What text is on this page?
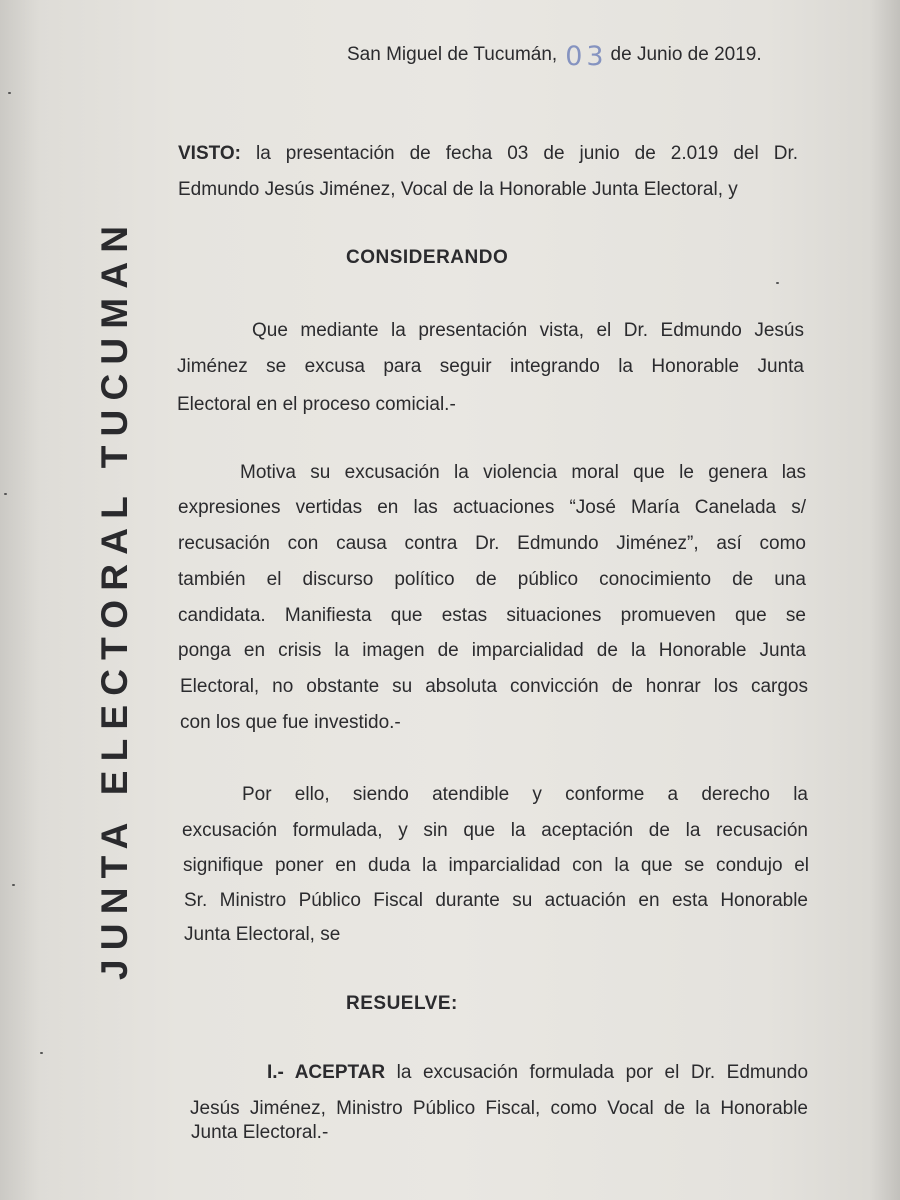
JUNTA ELECTORAL TUCUMAN
San Miguel de Tucumán, 03 de Junio de 2019.
VISTO: la presentación de fecha 03 de junio de 2.019 del Dr.
Edmundo Jesús Jiménez, Vocal de la Honorable Junta Electoral, y
CONSIDERANDO
Que mediante la presentación vista, el Dr. Edmundo Jesús
Jiménez se excusa para seguir integrando la Honorable Junta
Electoral en el proceso comicial.-
Motiva su excusación la violencia moral que le genera las
expresiones vertidas en las actuaciones “José María Canelada s/
recusación con causa contra Dr. Edmundo Jiménez”, así como
también el discurso político de público conocimiento de una
candidata. Manifiesta que estas situaciones promueven que se
ponga en crisis la imagen de imparcialidad de la Honorable Junta
Electoral, no obstante su absoluta convicción de honrar los cargos
con los que fue investido.-
Por ello, siendo atendible y conforme a derecho la
excusación formulada, y sin que la aceptación de la recusación
signifique poner en duda la imparcialidad con la que se condujo el
Sr. Ministro Público Fiscal durante su actuación en esta Honorable
Junta Electoral, se
RESUELVE:
I.- ACEPTAR la excusación formulada por el Dr. Edmundo
Jesús Jiménez, Ministro Público Fiscal, como Vocal de la Honorable
Junta Electoral.-
